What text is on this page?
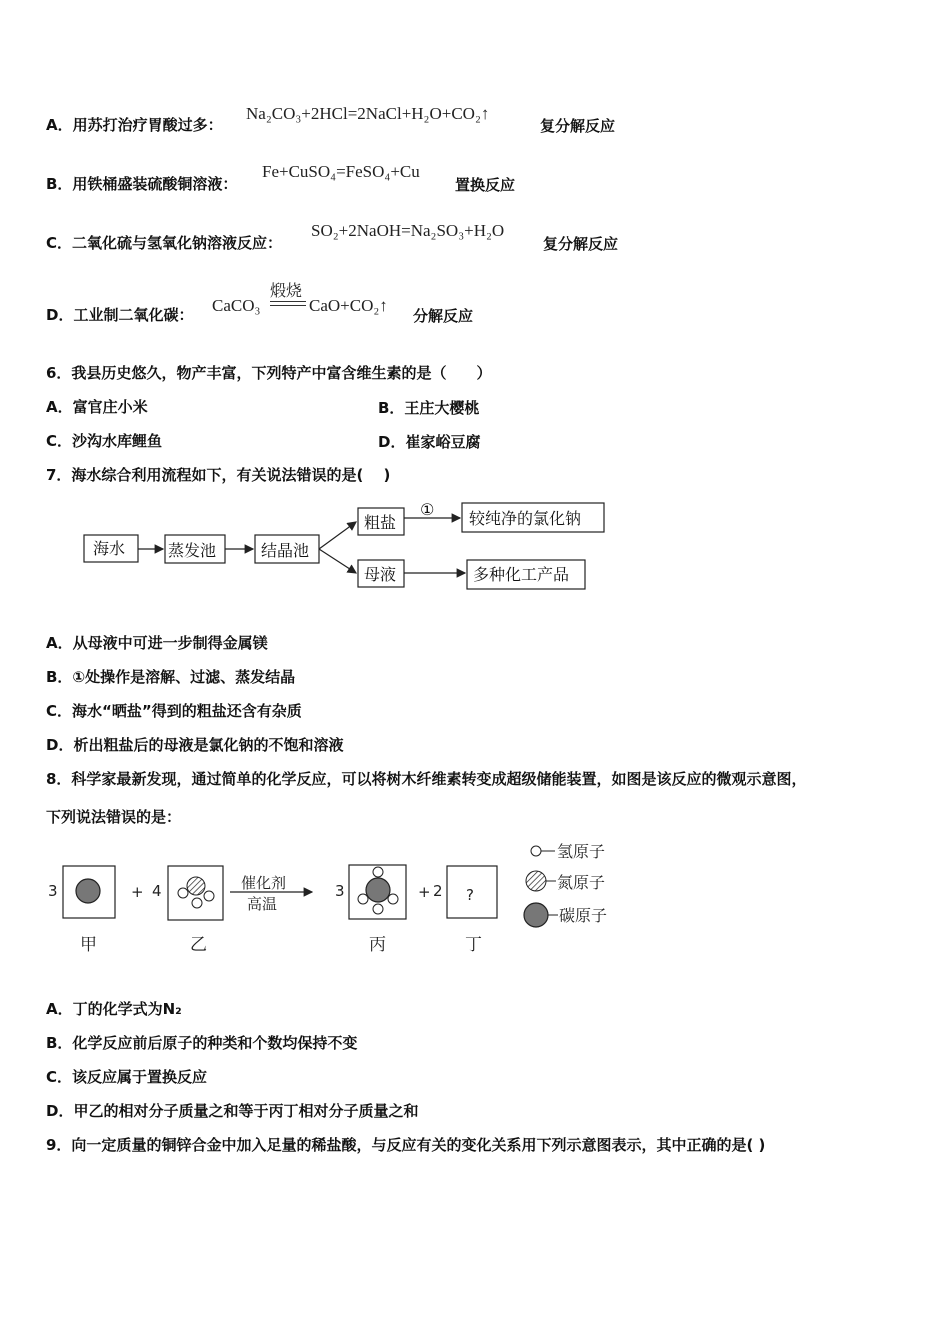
A．用苏打治疗胃酸过多：
Na₂CO₃+2HCl=2NaCl+H₂O+CO₂↑
复分解反应
B．用铁桶盛装硫酸铜溶液：
Fe+CuSO₄=FeSO₄+Cu
置换反应
C．二氧化硫与氢氧化钠溶液反应：
SO₂+2NaOH=Na₂SO₃+H₂O
复分解反应
D．工业制二氧化碳： CaCO₃
煅烧
CaO+CO₂↑
分解反应
6．我县历史悠久，物产丰富，下列特产中富含维生素的是（　　）
A．富官庄小米	B．王庄大樱桃
C．沙沟水库鲤鱼	D．崔家峪豆腐
7．海水综合利用流程如下，有关说法错误的是(　 )
海水	蒸发池	结晶池
粗盐
① 较纯净的氯化钠
母液	多种化工产品
3	+ 4	3	+ 2 ?
催化剂
高温
甲	乙	丙	丁
氢原子
氮原子
碳原子
A．从母液中可进一步制得金属镁
B．①处操作是溶解、过滤、蒸发结晶
C．海水“晒盐”得到的粗盐还含有杂质
D．析出粗盐后的母液是氯化钠的不饱和溶液
8．科学家最新发现，通过简单的化学反应，可以将树木纤维素转变成超级储能装置，如图是该反应的微观示意图，
下列说法错误的是：
A．丁的化学式为N₂
B．化学反应前后原子的种类和个数均保持不变
C．该反应属于置换反应
D．甲乙的相对分子质量之和等于丙丁相对分子质量之和
9．向一定质量的铜锌合金中加入足量的稀盐酸，与反应有关的变化关系用下列示意图表示，其中正确的是( )
